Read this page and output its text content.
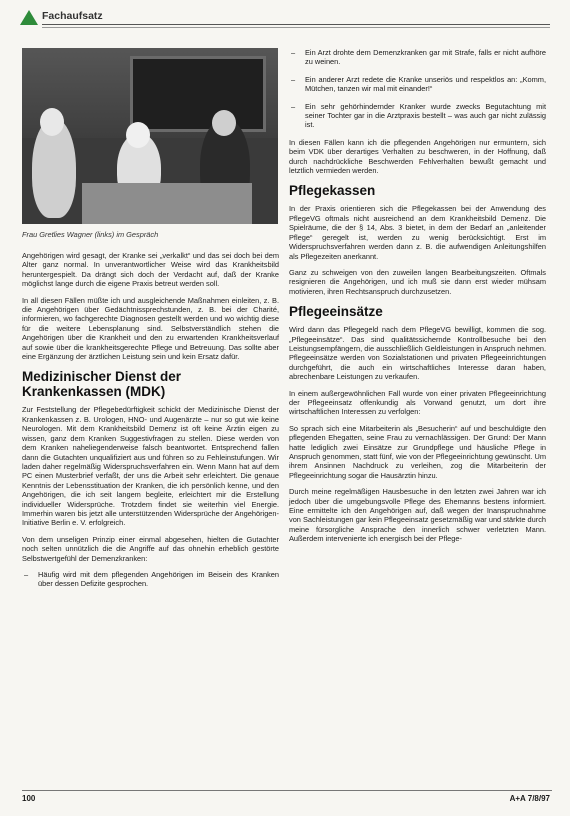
Fachaufsatz
Frau Gretlies Wagner (links) im Gespräch

Angehörigen wird gesagt, der Kranke sei „verkalkt“ und das sei doch bei dem Alter ganz normal. In unverantwortlicher Weise wird das Krankheitsbild heruntergespielt. Da drängt sich doch der Verdacht auf, daß der Kranke möglichst lange durch die eigene Praxis betreut werden soll.

In all diesen Fällen müßte ich und ausgleichende Maßnahmen einleiten, z. B. die Angehörigen über Gedächtnissprechstunden, z. B. bei der Charité, informieren, wo fachgerechte Diagnosen gestellt werden und wo wichtig diese für die weitere Lebensplanung sind. Selbstverständlich stehen die Angehörigen über die Krankheit und den zu erwartenden Krankheitsverlauf auf sowie über die krankheitsgerechte Pflege und Betreuung. Das sollte aber eine Ergänzung der ärztlichen Leistung sein und kein Ersatz dafür.

Medizinischer Dienst der Krankenkassen (MDK)

Zur Feststellung der Pflegebedürftigkeit schickt der Medizinische Dienst der Krankenkassen z. B. Urologen, HNO- und Augenärzte – nur so gut wie keine Neurologen. Mit dem Krankheitsbild Demenz ist oft keine Ärztin eigen zu wissen, ganz dem Kranken Suggestivfragen zu stellen. Diese werden von dem Kranken naheliegenderweise falsch beantwortet. Entsprechend fallen dann die Gutachten unqualifiziert aus und führen so zu Fehleinstufungen. Wir laden daher regelmäßig Widerspruchsverfahren ein. Wenn Mann hat auf dem PC einen Musterbrief verfaßt, der uns die Arbeit sehr erleichtert. Die genaue Kenntnis der Lebensstituation der Kranken, die ich persönlich kenne, und den Angehörigen, die ich seit langem begleite, erleichtert mir die Erstellung individueller Widersprüche. Trotzdem findet sie weiterhin viel Energie. Immerhin waren bis jetzt alle unterstützenden Widersprüche der Angehörigen-Initiative Berlin e. V. erfolgreich.

Von dem unseligen Prinzip einer einmal abgesehen, hielten die Gutachter noch selten unnützlich die die Angriffe auf das ohnehin erheblich gestörte Selbstwertgefühl der Demenzkranken:

– Häufig wird mit dem pflegenden Angehörigen im Beisein des Kranken über dessen Defizite gesprochen.
– Ein Arzt drohte dem Demenzkranken gar mit Strafe, falls er nicht aufhöre zu weinen.
– Ein anderer Arzt redete die Kranke unseriös und respektlos an: „Komm, Mütchen, tanzen wir mal mit einander!“
– Ein sehr gehörhindernder Kranker wurde zwecks Begutachtung mit seiner Tochter gar in die Arztpraxis bestellt – was auch gar nicht zulässig ist.

In diesen Fällen kann ich die pflegenden Angehörigen nur ermuntern, sich beim VDK über derartiges Verhalten zu beschweren, in der Hoffnung, daß durch nachdrückliche Beschwerden Fehlverhalten bewußt gemacht und letztlich vermieden werden.

Pflegekassen

In der Praxis orientieren sich die Pflegekassen bei der Anwendung des PflegeVG oftmals nicht ausreichend an dem Krankheitsbild Demenz. Die Spielräume, die der § 14, Abs. 3 bietet, in dem der Bedarf an „anleitender Pflege“ geregelt ist, werden zu wenig berücksichtigt. Erst im Widerspruchsverfahren werden dann z. B. die aufwendigen Anleitungshilfen als Pflegezeiten anerkannt.

Ganz zu schweigen von den zuweilen langen Bearbeitungszeiten. Oftmals resignieren die Angehörigen, und ich muß sie dann erst wieder mühsam motivieren, ihren Rechtsanspruch durchzusetzen.

Pflegeeinsätze

Wird dann das Pflegegeld nach dem PflegeVG bewilligt, kommen die sog. „Pflegeeinsätze“. Das sind qualitätssichernde Kontrollbesuche bei den Leistungsempfängern, die ausschließlich Geldleistungen in Anspruch nehmen. Pflegeeinsätze werden von Sozialstationen und privaten Pflegeeinrichtungen durchgeführt, die auch ein wirtschaftliches Interesse daran haben, abrechenbare Leistungen zu verkaufen.

In einem außergewöhnlichen Fall wurde von einer privaten Pflegeeinrichtung der Pflegeeinsatz offenkundig als Vorwand genutzt, um dort ihre wirtschaftlichen Interessen zu verfolgen:

So sprach sich eine Mitarbeiterin als „Besucherin“ auf und beschuldigte den pflegenden Ehegatten, seine Frau zu vernachlässigen. Der Grund: Der Mann hatte lediglich zwei Einsätze zur Grundpflege und häusliche Pflege in Anspruch genommen, statt fünf, wie von der Pflegeeinrichtung gewünscht. Um ihrem Ansinnen Nachdruck zu verleihen, zog die Mitarbeiterin der Pflegeeinrichtung sogar die Hausärztin hinzu.

Durch meine regelmäßigen Hausbesuche in den letzten zwei Jahren war ich jedoch über die umgebungsvolle Pflege des Ehemanns bestens informiert. Eine ermittelte ich den Angehörigen auf, daß wegen der Inanspruchnahme von Sachleistungen gar kein Pflegeeinsatz gesetzmäßig war und stärkte durch meine fürsorgliche Ansprache den innerlich schwer verletzten Mann. Außerdem intervenierte ich energisch bei der Pflege-

100	A+A 7/8/97
